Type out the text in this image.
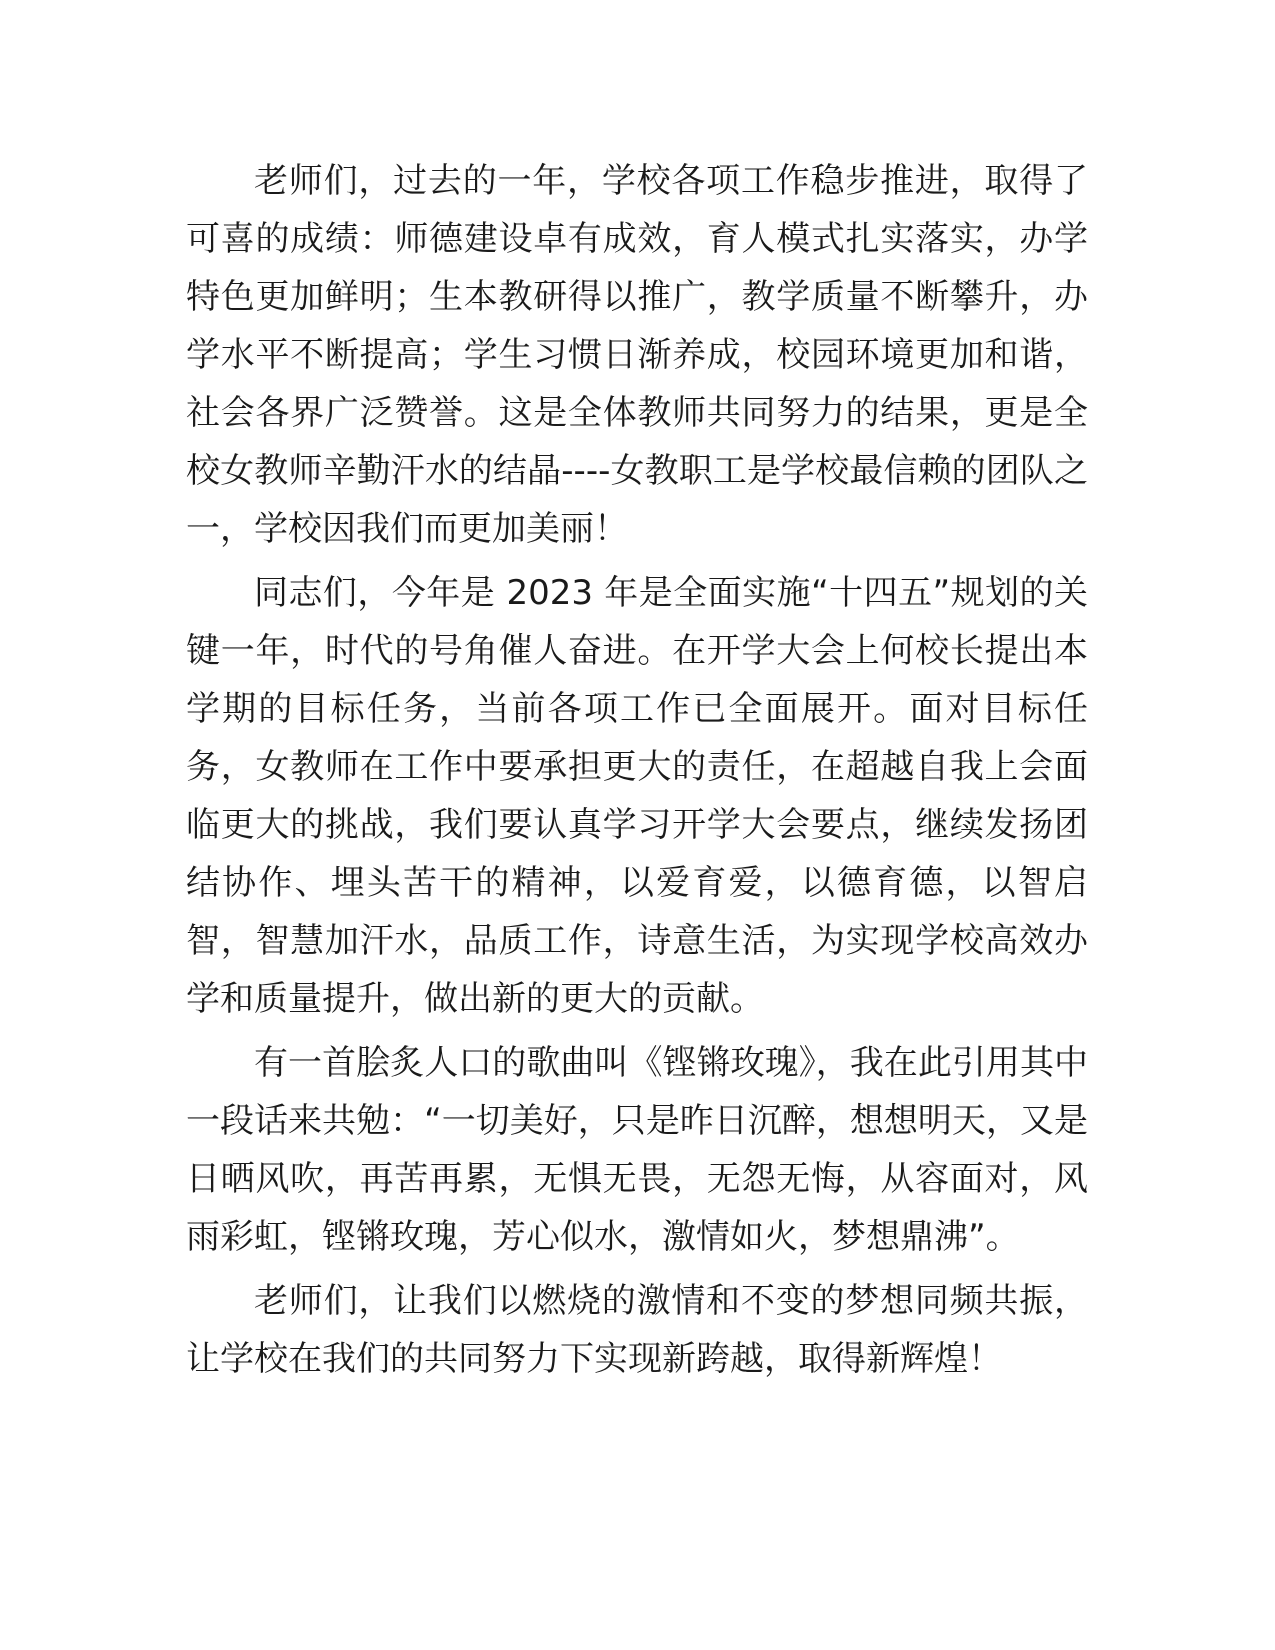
老师们，过去的一年，学校各项工作稳步推进，取得了可喜的成绩：师德建设卓有成效，育人模式扎实落实，办学特色更加鲜明；生本教研得以推广，教学质量不断攀升，办学水平不断提高；学生习惯日渐养成，校园环境更加和谐，社会各界广泛赞誉。这是全体教师共同努力的结果，更是全校女教师辛勤汗水的结晶----女教职工是学校最信赖的团队之一，学校因我们而更加美丽！

同志们，今年是 2023 年是全面实施“十四五”规划的关键一年，时代的号角催人奋进。在开学大会上何校长提出本学期的目标任务，当前各项工作已全面展开。面对目标任务，女教师在工作中要承担更大的责任，在超越自我上会面临更大的挑战，我们要认真学习开学大会要点，继续发扬团结协作、埋头苦干的精神，以爱育爱，以德育德，以智启智，智慧加汗水，品质工作，诗意生活，为实现学校高效办学和质量提升，做出新的更大的贡献。

有一首脍炙人口的歌曲叫《铿锵玫瑰》，我在此引用其中一段话来共勉：“一切美好，只是昨日沉醉，想想明天，又是日晒风吹，再苦再累，无惧无畏，无怨无悔，从容面对，风雨彩虹，铿锵玫瑰，芳心似水，激情如火，梦想鼎沸”。

老师们，让我们以燃烧的激情和不变的梦想同频共振，让学校在我们的共同努力下实现新跨越，取得新辉煌！
